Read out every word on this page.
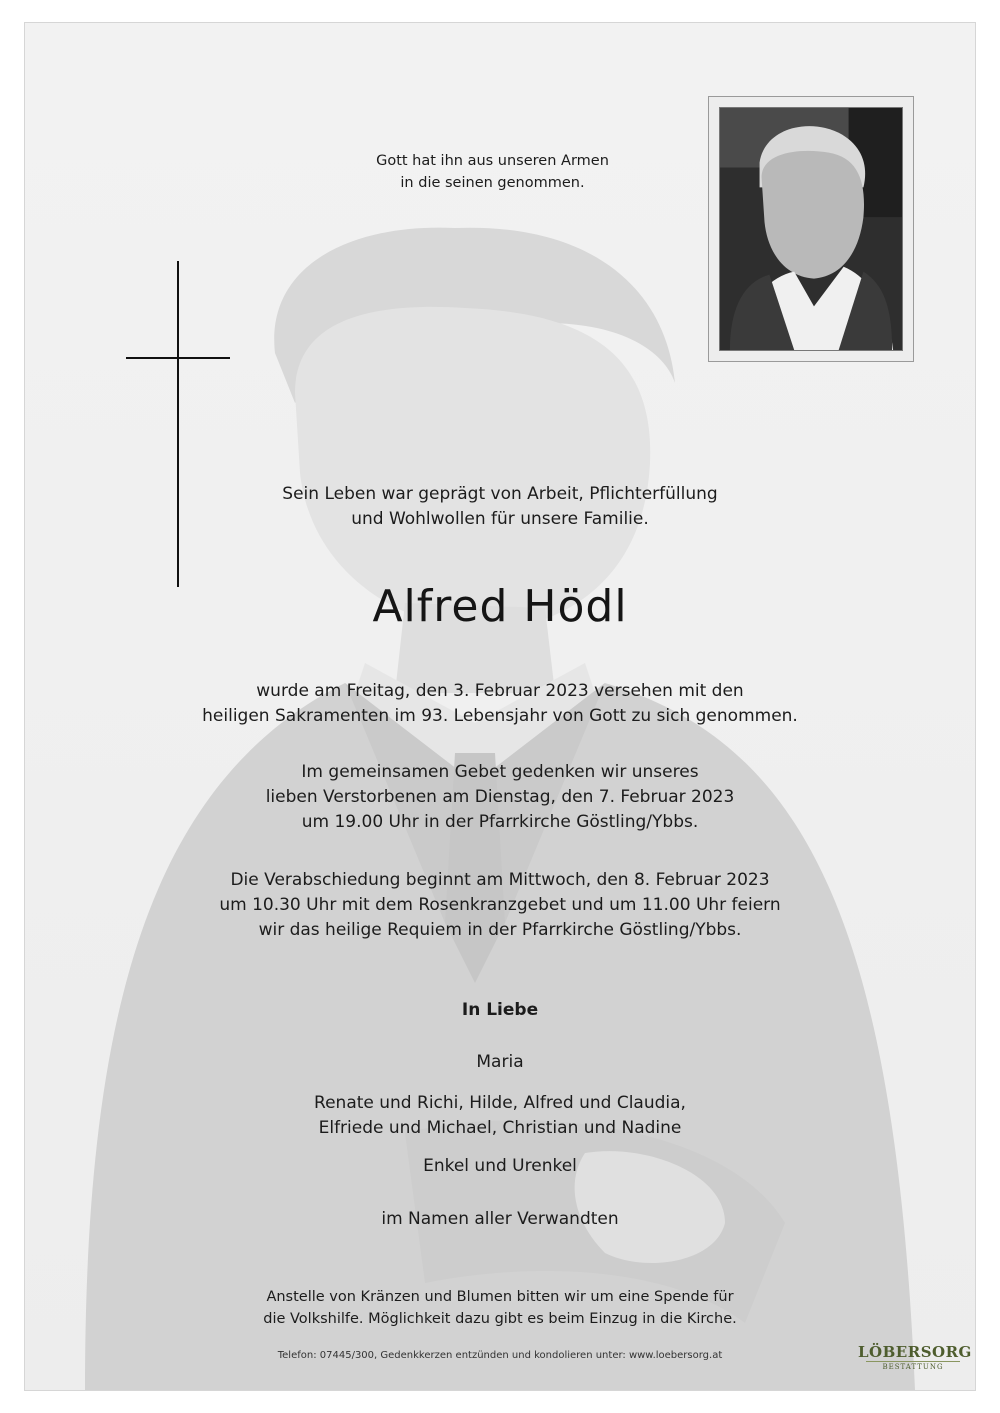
Gott hat ihn aus unseren Armen
in die seinen genommen.
Sein Leben war geprägt von Arbeit, Pflichterfüllung
und Wohlwollen für unsere Familie.
Alfred Hödl
wurde am Freitag, den 3. Februar 2023 versehen mit den
heiligen Sakramenten im 93. Lebensjahr von Gott zu sich genommen.
Im gemeinsamen Gebet gedenken wir unseres
lieben Verstorbenen am Dienstag, den 7. Februar 2023
um 19.00 Uhr in der Pfarrkirche Göstling/Ybbs.
Die Verabschiedung beginnt am Mittwoch, den 8. Februar 2023
um 10.30 Uhr mit dem Rosenkranzgebet und um 11.00 Uhr feiern
wir das heilige Requiem in der Pfarrkirche Göstling/Ybbs.
In Liebe
Maria
Renate und Richi, Hilde, Alfred und Claudia,
Elfriede und Michael, Christian und Nadine
Enkel und Urenkel
im Namen aller Verwandten
Anstelle von Kränzen und Blumen bitten wir um eine Spende für
die Volkshilfe. Möglichkeit dazu gibt es beim Einzug in die Kirche.
Telefon: 07445/300, Gedenkkerzen entzünden und kondolieren unter: www.loebersorg.at	LÖBERSORG
BESTATTUNG
